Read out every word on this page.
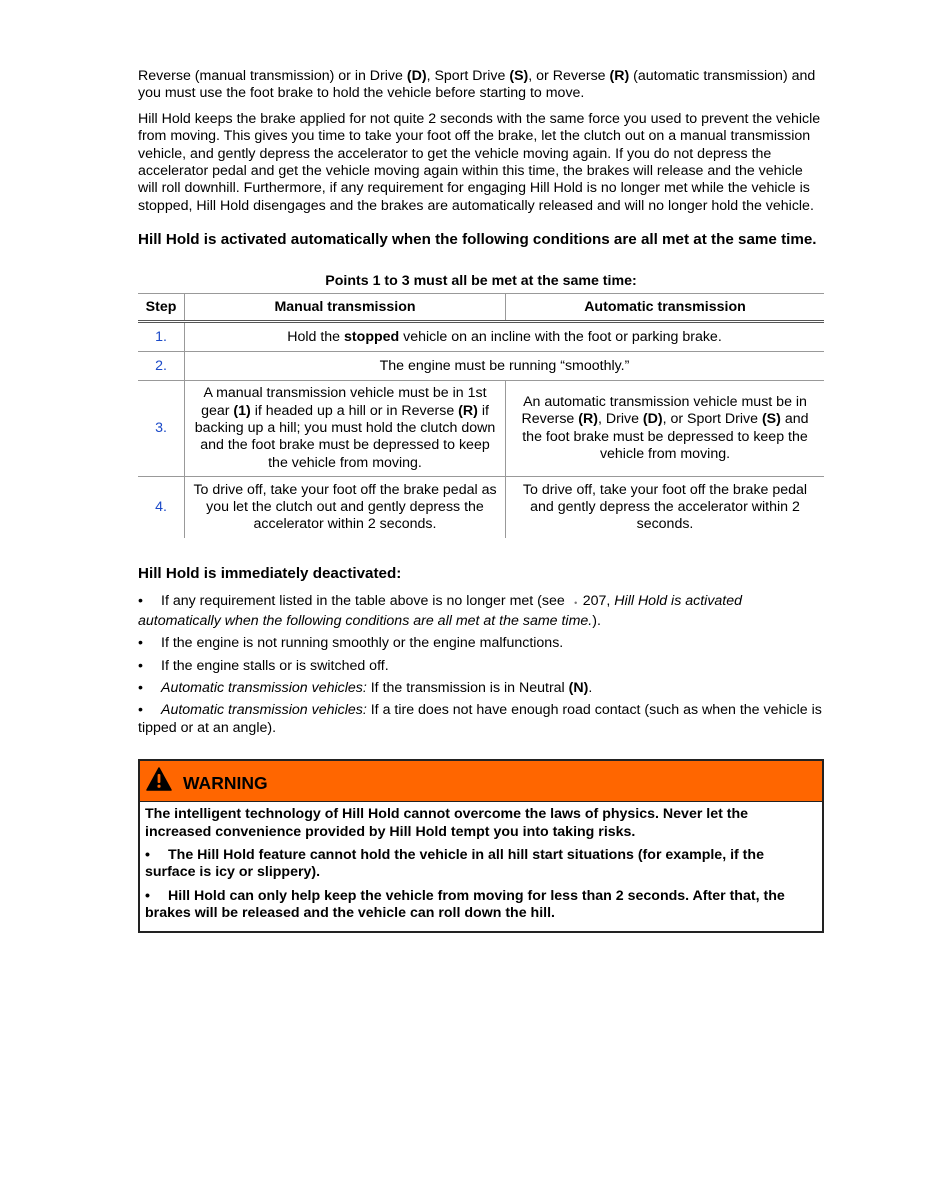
Reverse (manual transmission) or in Drive (D), Sport Drive (S), or Reverse (R) (automatic transmission) and you must use the foot brake to hold the vehicle before starting to move.

Hill Hold keeps the brake applied for not quite 2 seconds with the same force you used to prevent the vehicle from moving. This gives you time to take your foot off the brake, let the clutch out on a manual transmission vehicle, and gently depress the accelerator to get the vehicle moving again. If you do not depress the accelerator pedal and get the vehicle moving again within this time, the brakes will release and the vehicle will roll downhill. Furthermore, if any requirement for engaging Hill Hold is no longer met while the vehicle is stopped, Hill Hold disengages and the brakes are automatically released and will no longer hold the vehicle.

Hill Hold is activated automatically when the following conditions are all met at the same time.
Points 1 to 3 must all be met at the same time:
Step	Manual transmission	Automatic transmission
1.	Hold the stopped vehicle on an incline with the foot or parking brake.	
2.	The engine must be running “smoothly.”	
3.	A manual transmission vehicle must be in 1st gear (1) if headed up a hill or in Reverse (R) if backing up a hill; you must hold the clutch down and the foot brake must be depressed to keep the vehicle from moving.	An automatic transmission vehicle must be in Reverse (R), Drive (D), or Sport Drive (S) and the foot brake must be depressed to keep the vehicle from moving.
4.	To drive off, take your foot off the brake pedal as you let the clutch out and gently depress the accelerator within 2 seconds.	To drive off, take your foot off the brake pedal and gently depress the accelerator within 2 seconds.
Hill Hold is immediately deactivated:

• If any requirement listed in the table above is no longer met (see • 207, Hill Hold is activated automatically when the following conditions are all met at the same time.).

• If the engine is not running smoothly or the engine malfunctions.

• If the engine stalls or is switched off.

• Automatic transmission vehicles: If the transmission is in Neutral (N).

• Automatic transmission vehicles: If a tire does not have enough road contact (such as when the vehicle is tipped or at an angle).

WARNING

The intelligent technology of Hill Hold cannot overcome the laws of physics. Never let the increased convenience provided by Hill Hold tempt you into taking risks.

• The Hill Hold feature cannot hold the vehicle in all hill start situations (for example, if the surface is icy or slippery).

• Hill Hold can only help keep the vehicle from moving for less than 2 seconds. After that, the brakes will be released and the vehicle can roll down the hill.
